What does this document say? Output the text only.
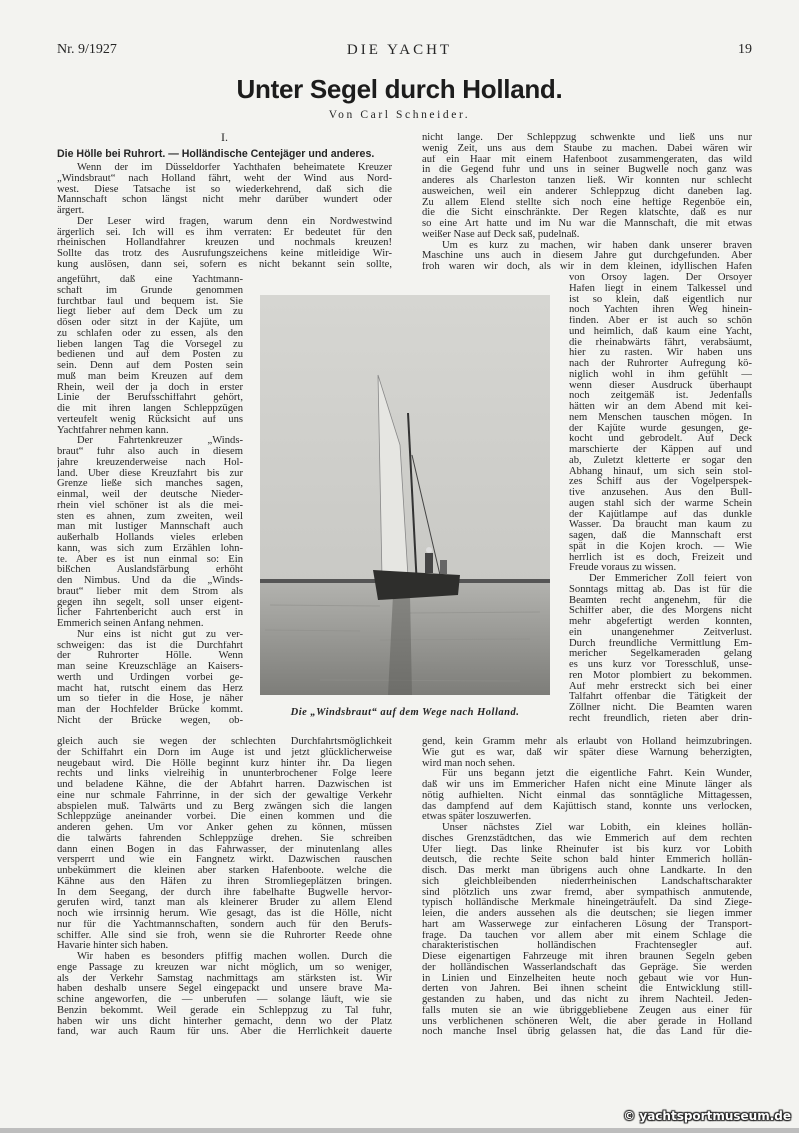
Nr. 9/1927	DIE YACHT	19
Unter Segel durch Holland.
Von Carl Schneider.
I.
Die Hölle bei Ruhrort. — Holländische Centejäger und anderes.
Wenn der im Düsseldorfer Yachthafen beheimatete Kreuzer
„Windsbraut“ nach Holland fährt, weht der Wind aus Nord-
west. Diese Tatsache ist so wiederkehrend, daß sich die
Mannschaft schon längst nicht mehr darüber wundert oder
ärgert.
Der Leser wird fragen, warum denn ein Nordwestwind
ärgerlich sei. Ich will es ihm verraten: Er bedeutet für den
rheinischen Hollandfahrer kreuzen und nochmals kreuzen!
Sollte das trotz des Ausrufungszeichens keine mitleidige Wir-
kung auslösen, dann sei, sofern es nicht bekannt sein sollte,
angeführt, daß eine Yachtmann-
schaft im Grunde genommen
furchtbar faul und bequem ist. Sie
liegt lieber auf dem Deck um zu
dösen oder sitzt in der Kajüte, um
zu schlafen oder zu essen, als den
lieben langen Tag die Vorsegel zu
bedienen und auf dem Posten zu
sein. Denn auf dem Posten sein
muß man beim Kreuzen auf dem
Rhein, weil der ja doch in erster
Linie der Berufsschiffahrt gehört,
die mit ihren langen Schleppzügen
verteufelt wenig Rücksicht auf uns
Yachtfahrer nehmen kann.
Der Fahrtenkreuzer „Winds-
braut“ fuhr also auch in diesem
jahre kreuzenderweise nach Hol-
land. Über diese Kreuzfahrt bis zur
Grenze ließe sich manches sagen,
einmal, weil der deutsche Nieder-
rhein viel schöner ist als die mei-
sten es ahnen, zum zweiten, weil
man mit lustiger Mannschaft auch
außerhalb Hollands vieles erleben
kann, was sich zum Erzählen lohn-
te. Aber es ist nun einmal so: Ein
bißchen Auslandsfärbung erhöht
den Nimbus. Und da die „Winds-
braut“ lieber mit dem Strom als
gegen ihn segelt, soll unser eigent-
licher Fahrtenbericht auch erst in
Emmerich seinen Anfang nehmen.
Nur eins ist nicht gut zu ver-
schweigen: das ist die Durchfahrt
der Ruhrorter Hölle. Wenn
man seine Kreuzschläge an Kaisers-
werth und Ürdingen vorbei ge-
macht hat, rutscht einem das Herz
um so tiefer in die Hose, je näher
man der Hochfelder Brücke kommt.
Nicht der Brücke wegen, ob-
gleich auch sie wegen der schlechten Durchfahrtsmöglichkeit
der Schiffahrt ein Dorn im Auge ist und jetzt glücklicherweise
neugebaut wird. Die Hölle beginnt kurz hinter ihr. Da liegen
rechts und links vielreihig in ununterbrochener Folge leere
und beladene Kähne, die der Abfahrt harren. Dazwischen ist
eine nur schmale Fahrrinne, in der sich der gewaltige Verkehr
abspielen muß. Talwärts und zu Berg zwängen sich die langen
Schleppzüge aneinander vorbei. Die einen kommen und die
anderen gehen. Um vor Anker gehen zu können, müssen
die talwärts fahrenden Schleppzüge drehen. Sie schreiben
dann einen Bogen in das Fahrwasser, der minutenlang alles
versperrt und wie ein Fangnetz wirkt. Dazwischen rauschen
unbekümmert die kleinen aber starken Hafenboote. welche die
Kähne aus den Häfen zu ihren Stromliegeplätzen bringen.
In dem Seegang, der durch ihre fabelhafte Bugwelle hervor-
gerufen wird, tanzt man als kleinerer Bruder zu allem Elend
noch wie irrsinnig herum. Wie gesagt, das ist die Hölle, nicht
nur für die Yachtmannschaften, sondern auch für den Berufs-
schiffer. Alle sind sie froh, wenn sie die Ruhrorter Reede ohne
Havarie hinter sich haben.
Wir haben es besonders pfiffig machen wollen. Durch die
enge Passage zu kreuzen war nicht möglich, um so weniger,
als der Verkehr Samstag nachmittags am stärksten ist. Wir
haben deshalb unsere Segel eingepackt und unsere brave Ma-
schine angeworfen, die — unberufen — solange läuft, wie sie
Benzin bekommt. Weil gerade ein Schleppzug zu Tal fuhr,
haben wir uns dicht hinterher gemacht, denn wo der Platz
fand, war auch Raum für uns. Aber die Herrlichkeit dauerte
nicht lange. Der Schleppzug schwenkte und ließ uns nur
wenig Zeit, uns aus dem Staube zu machen. Dabei wären wir
auf ein Haar mit einem Hafenboot zusammengeraten, das wild
in die Gegend fuhr und uns in seiner Bugwelle noch ganz was
anderes als Charleston tanzen ließ. Wir konnten nur schlecht
ausweichen, weil ein anderer Schleppzug dicht daneben lag.
Zu allem Elend stellte sich noch eine heftige Regenböe ein,
die die Sicht einschränkte. Der Regen klatschte, daß es nur
so eine Art hatte und im Nu war die Mannschaft, die mit etwas
weißer Nase auf Deck saß, pudelnaß.
Um es kurz zu machen, wir haben dank unserer braven
Maschine uns auch in diesem Jahre gut durchgefunden. Aber
froh waren wir doch, als wir in dem kleinen, idyllischen Hafen
von Orsoy lagen. Der Orsoyer
Hafen liegt in einem Talkessel und
ist so klein, daß eigentlich nur
noch Yachten ihren Weg hinein-
finden. Aber er ist auch so schön
und heimlich, daß kaum eine Yacht,
die rheinabwärts fährt, verabsäumt,
hier zu rasten. Wir haben uns
nach der Ruhrorter Aufregung kö-
niglich wohl in ihm gefühlt —
wenn dieser Ausdruck überhaupt
noch zeitgemäß ist. Jedenfalls
hätten wir an dem Abend mit kei-
nem Menschen tauschen mögen. In
der Kajüte wurde gesungen, ge-
kocht und gebrodelt. Auf Deck
marschierte der Käppen auf und
ab, Zuletzt kletterte er sogar den
Abhang hinauf, um sich sein stol-
zes Schiff aus der Vogelperspek-
tive anzusehen. Aus den Bull-
augen stahl sich der warme Schein
der Kajütlampe auf das dunkle
Wasser. Da braucht man kaum zu
sagen, daß die Mannschaft erst
spät in die Kojen kroch. — Wie
herrlich ist es doch, Freizeit und
Freude voraus zu wissen.
Der Emmericher Zoll feiert von
Sonntags mittag ab. Das ist für die
Beamten recht angenehm, für die
Schiffer aber, die des Morgens nicht
mehr abgefertigt werden konnten,
ein unangenehmer Zeitverlust.
Durch freundliche Vermittlung Em-
mericher Segelkameraden gelang
es uns kurz vor Toresschluß, unse-
ren Motor plombiert zu bekommen.
Auf mehr erstreckt sich bei einer
Talfahrt offenbar die Tätigkeit der
Zöllner nicht. Die Beamten waren
recht freundlich, rieten aber drin-
gend, kein Gramm mehr als erlaubt von Holland heimzubringen.
Wie gut es war, daß wir später diese Warnung beherzigten,
wird man noch sehen.
Für uns begann jetzt die eigentliche Fahrt. Kein Wunder,
daß wir uns im Emmericher Hafen nicht eine Minute länger als
nötig aufhielten. Nicht einmal das sonntägliche Mittagessen,
das dampfend auf dem Kajüttisch stand, konnte uns verlocken,
etwas später loszuwerfen.
Unser nächstes Ziel war Lobith, ein kleines hollän-
disches Grenzstädtchen, das wie Emmerich auf dem rechten
Ufer liegt. Das linke Rheinufer ist bis kurz vor Lobith
deutsch, die rechte Seite schon bald hinter Emmerich hollän-
disch. Das merkt man übrigens auch ohne Landkarte. In den
sich gleichbleibenden niederrheinischen Landschaftscharakter
sind plötzlich uns zwar fremd, aber sympathisch anmutende,
typisch holländische Merkmale hineingeträufelt. Da sind Ziege-
leien, die anders aussehen als die deutschen; sie liegen immer
hart am Wasserwege zur einfacheren Lösung der Transport-
frage. Da tauchen vor allem aber mit einem Schlage die
charakteristischen holländischen Frachtensegler auf.
Diese eigenartigen Fahrzeuge mit ihren braunen Segeln geben
der holländischen Wasserlandschaft das Gepräge. Sie werden
in Linien und Einzelheiten heute noch gebaut wie vor Hun-
derten von Jahren. Bei ihnen scheint die Entwicklung still-
gestanden zu haben, und das nicht zu ihrem Nachteil. Jeden-
falls muten sie an wie übriggebliebene Zeugen aus einer für
uns verblichenen schöneren Welt, die aber gerade in Holland
noch manche Insel übrig gelassen hat, die das Land für die-
Die „Windsbraut“ auf dem Wege nach Holland.
© yachtsportmuseum.de
